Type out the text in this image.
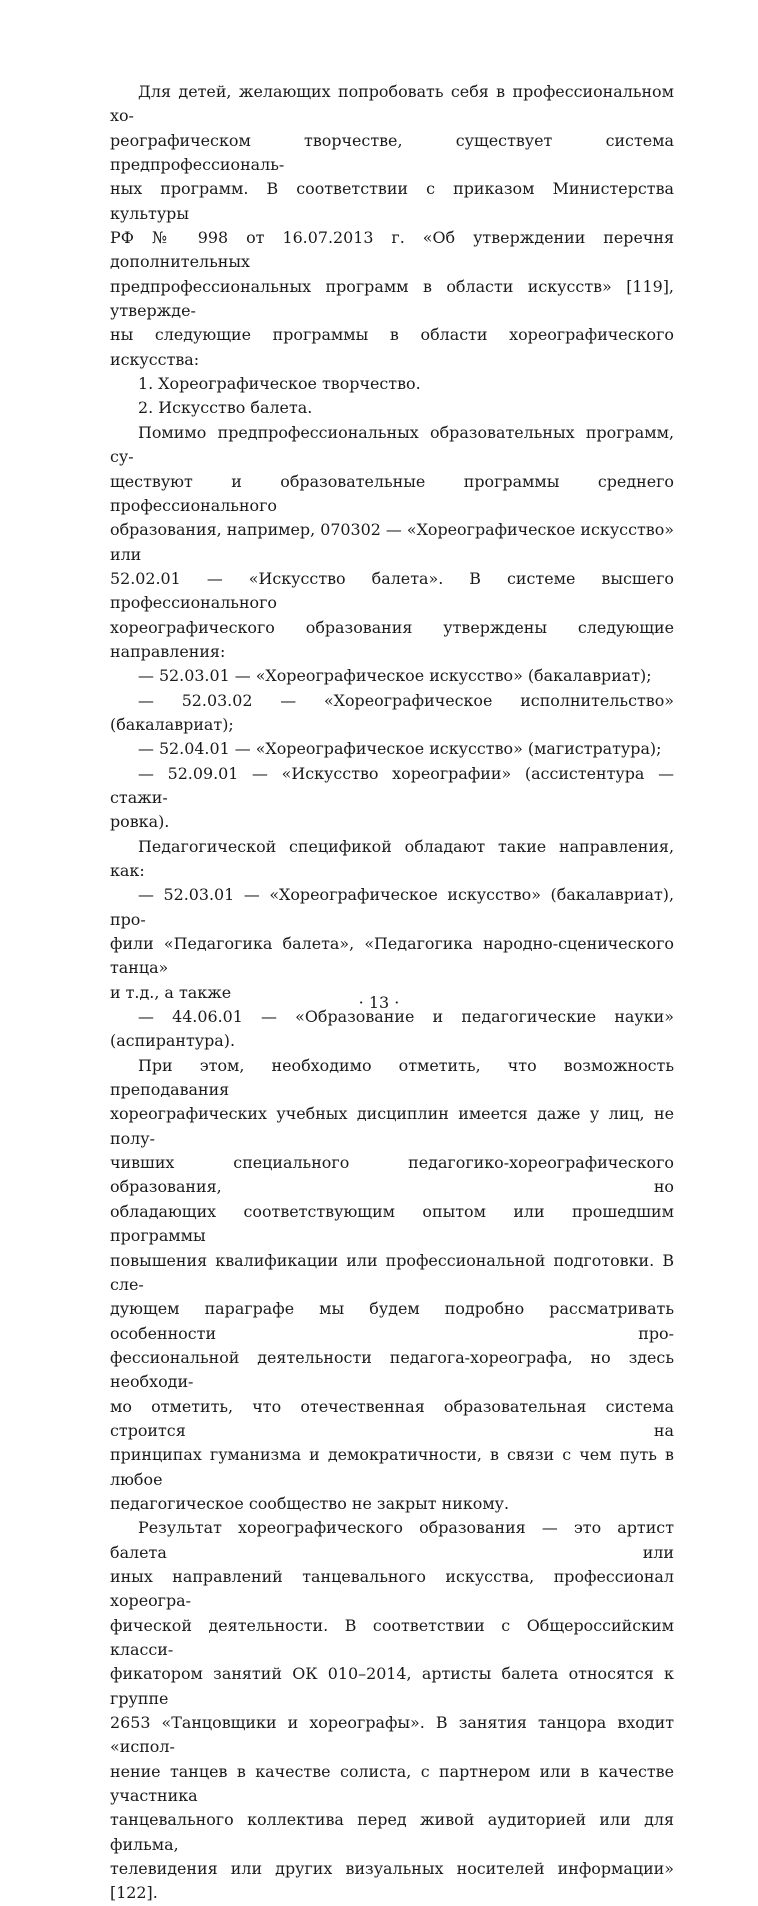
Для детей, желающих попробовать себя в профессиональном хо-
реографическом творчестве, существует система предпрофессиональ-
ных программ. В соответствии с приказом Министерства культуры
РФ № 998 от 16.07.2013 г. «Об утверждении перечня дополнительных
предпрофессиональных программ в области искусств» [119], утвержде-
ны следующие программы в области хореографического искусства:
1. Хореографическое творчество.
2. Искусство балета.
Помимо предпрофессиональных образовательных программ, су-
ществуют и образовательные программы среднего профессионального
образования, например, 070302 — «Хореографическое искусство» или
52.02.01 — «Искусство балета». В системе высшего профессионального
хореографического образования утверждены следующие направления:
— 52.03.01 — «Хореографическое искусство» (бакалавриат);
— 52.03.02 — «Хореографическое исполнительство» (бакалавриат);
— 52.04.01 — «Хореографическое искусство» (магистратура);
— 52.09.01 — «Искусство хореографии» (ассистентура — стажи-
ровка).
Педагогической спецификой обладают такие направления, как:
— 52.03.01 — «Хореографическое искусство» (бакалавриат), про-
фили «Педагогика балета», «Педагогика народно-сценического танца»
и т.д., а также
— 44.06.01 — «Образование и педагогические науки» (аспирантура).
При этом, необходимо отметить, что возможность преподавания
хореографических учебных дисциплин имеется даже у лиц, не полу-
чивших специального педагогико-хореографического образования, но
обладающих соответствующим опытом или прошедшим программы
повышения квалификации или профессиональной подготовки. В сле-
дующем параграфе мы будем подробно рассматривать особенности про-
фессиональной деятельности педагога-хореографа, но здесь необходи-
мо отметить, что отечественная образовательная система строится на
принципах гуманизма и демократичности, в связи с чем путь в любое
педагогическое сообщество не закрыт никому.
Результат хореографического образования — это артист балета или
иных направлений танцевального искусства, профессионал хореогра-
фической деятельности. В соответствии с Общероссийским класси-
фикатором занятий ОК 010–2014, артисты балета относятся к группе
2653 «Танцовщики и хореографы». В занятия танцора входит «испол-
нение танцев в качестве солиста, с партнером или в качестве участника
танцевального коллектива перед живой аудиторией или для фильма,
телевидения или других визуальных носителей информации» [122].
· 13 ·
